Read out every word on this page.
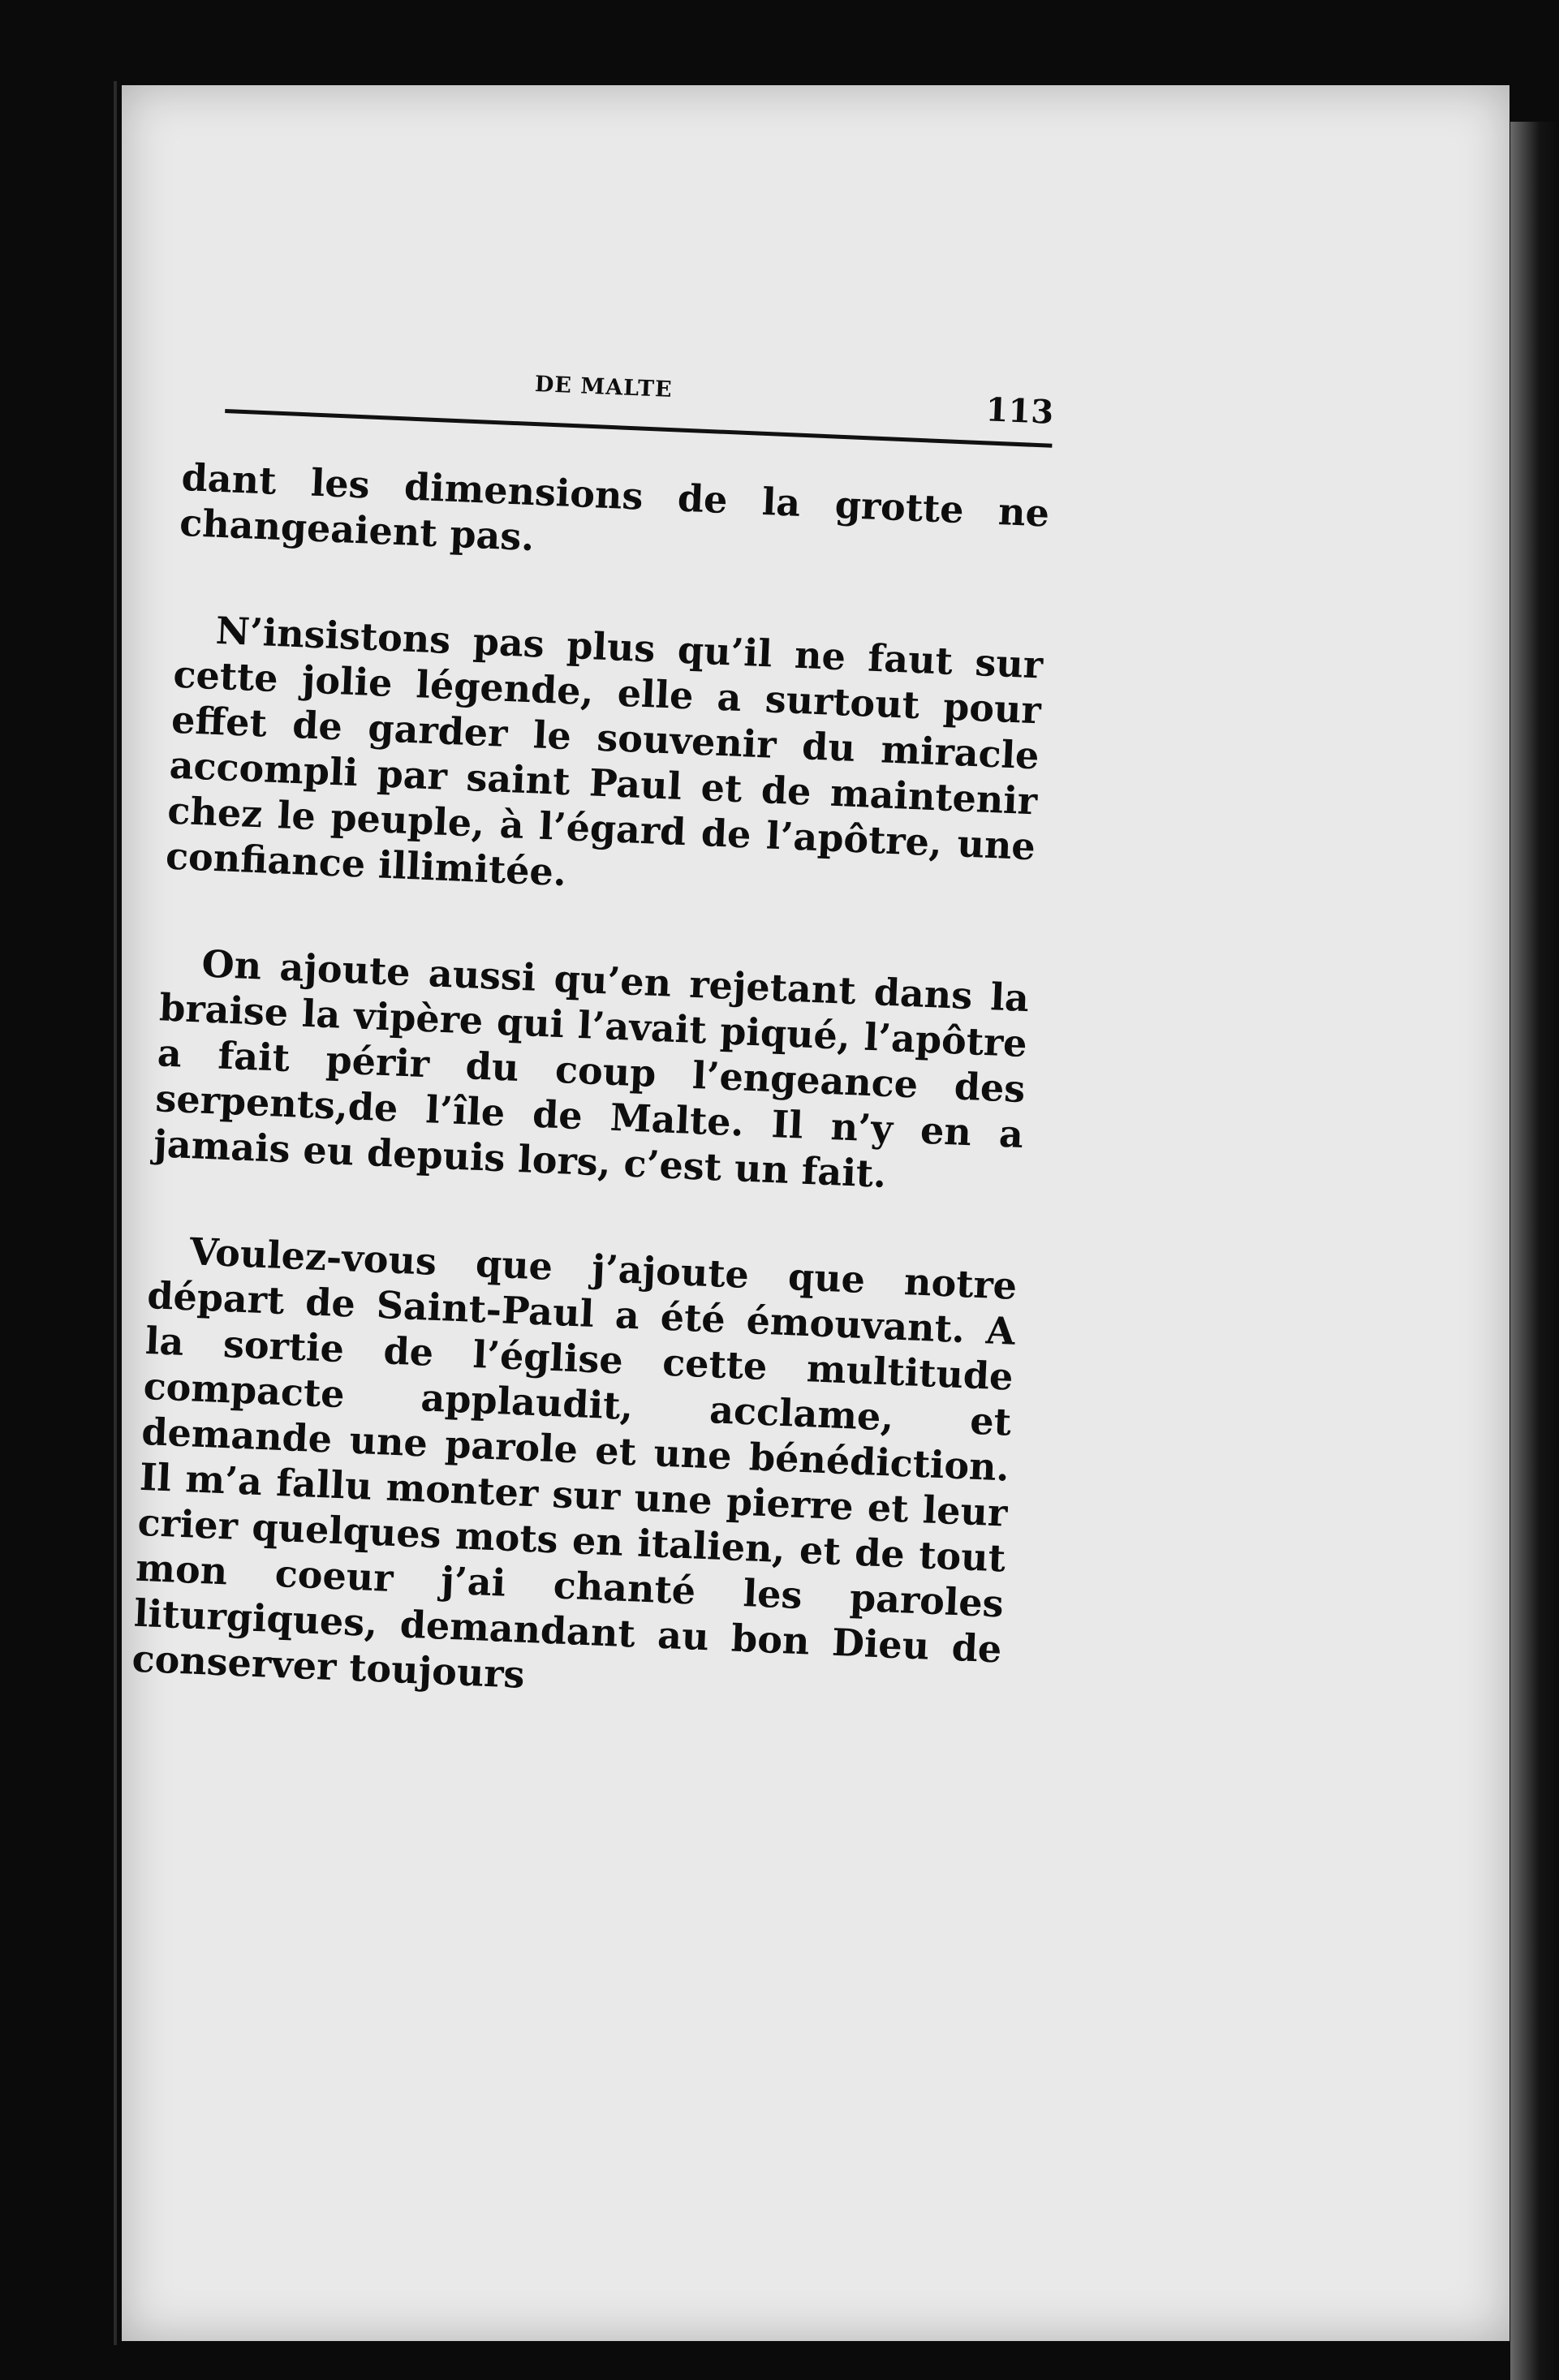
DE MALTE
113

dant les dimensions de la grotte ne changeaient pas.

N’insistons pas plus qu’il ne faut sur cette jolie légende, elle a surtout pour effet de garder le souvenir du miracle accompli par saint Paul et de maintenir chez le peuple, à l’égard de l’apôtre, une confiance illimitée.

On ajoute aussi qu’en rejetant dans la braise la vipère qui l’avait piqué, l’apôtre a fait périr du coup l’engeance des serpents,de l’île de Malte. Il n’y en a jamais eu depuis lors, c’est un fait.

Voulez-vous que j’ajoute que notre départ de Saint-Paul a été émouvant. A la sortie de l’église cette multitude compacte applaudit, acclame, et demande une parole et une bénédiction. Il m’a fallu monter sur une pierre et leur crier quelques mots en italien, et de tout mon coeur j’ai chanté les paroles liturgiques, demandant au bon Dieu de conserver toujours
